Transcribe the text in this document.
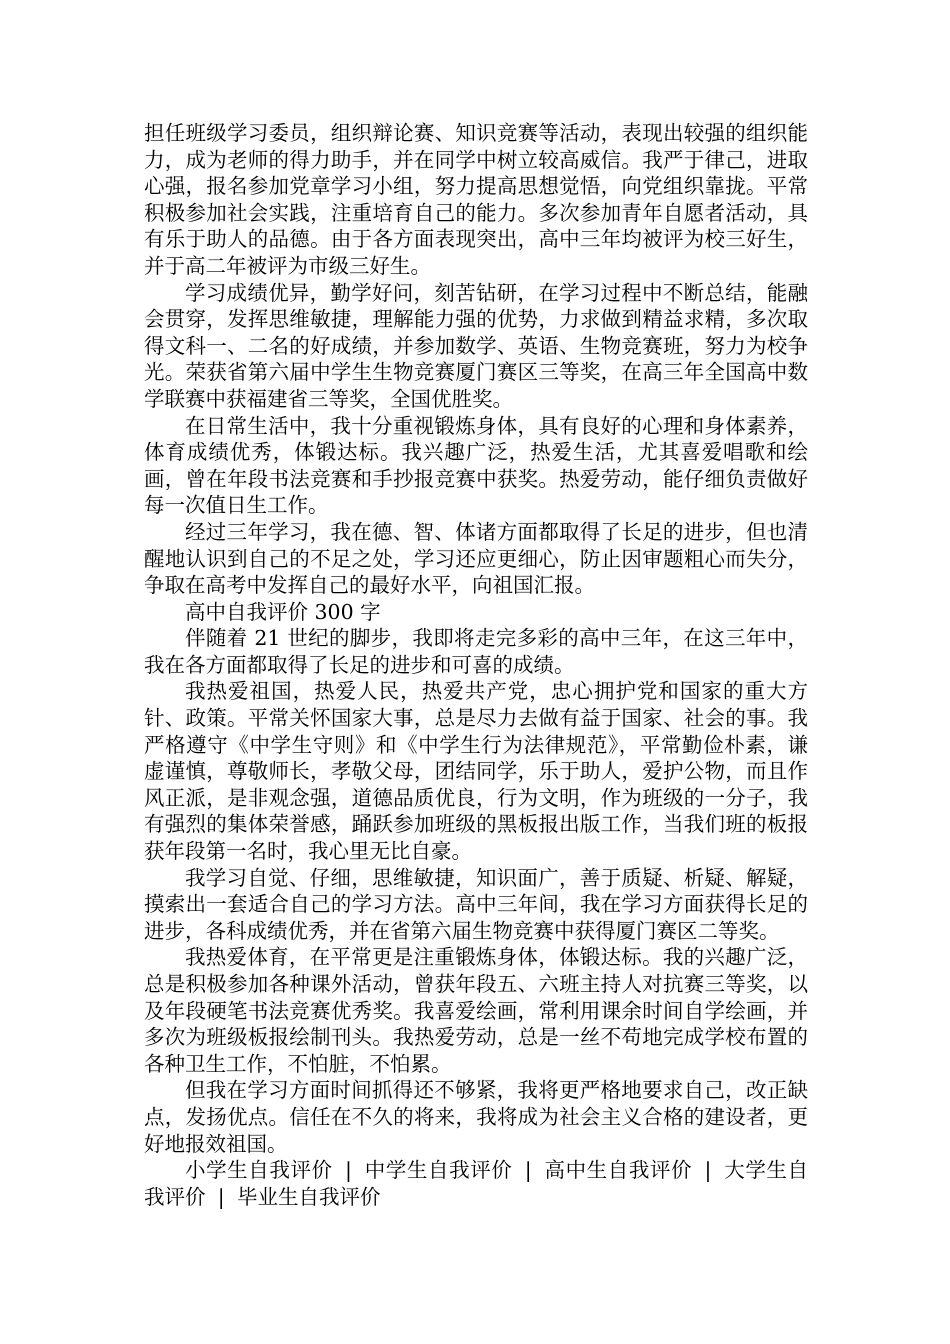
担任班级学习委员，组织辩论赛、知识竞赛等活动，表现出较强的组织能力，成为老师的得力助手，并在同学中树立较高威信。我严于律己，进取心强，报名参加党章学习小组，努力提高思想觉悟，向党组织靠拢。平常积极参加社会实践，注重培育自己的能力。多次参加青年自愿者活动，具有乐于助人的品德。由于各方面表现突出，高中三年均被评为校三好生，并于高二年被评为市级三好生。

学习成绩优异，勤学好问，刻苦钻研，在学习过程中不断总结，能融会贯穿，发挥思维敏捷，理解能力强的优势，力求做到精益求精，多次取得文科一、二名的好成绩，并参加数学、英语、生物竞赛班，努力为校争光。荣获省第六届中学生生物竞赛厦门赛区三等奖，在高三年全国高中数学联赛中获福建省三等奖，全国优胜奖。

在日常生活中，我十分重视锻炼身体，具有良好的心理和身体素养，体育成绩优秀，体锻达标。我兴趣广泛，热爱生活，尤其喜爱唱歌和绘画，曾在年段书法竞赛和手抄报竞赛中获奖。热爱劳动，能仔细负责做好每一次值日生工作。

经过三年学习，我在德、智、体诸方面都取得了长足的进步，但也清醒地认识到自己的不足之处，学习还应更细心，防止因审题粗心而失分，争取在高考中发挥自己的最好水平，向祖国汇报。

高中自我评价 300 字

伴随着 21 世纪的脚步，我即将走完多彩的高中三年，在这三年中，我在各方面都取得了长足的进步和可喜的成绩。

我热爱祖国，热爱人民，热爱共产党，忠心拥护党和国家的重大方针、政策。平常关怀国家大事，总是尽力去做有益于国家、社会的事。我严格遵守《中学生守则》和《中学生行为法律规范》，平常勤俭朴素，谦虚谨慎，尊敬师长，孝敬父母，团结同学，乐于助人，爱护公物，而且作风正派，是非观念强，道德品质优良，行为文明，作为班级的一分子，我有强烈的集体荣誉感，踊跃参加班级的黑板报出版工作，当我们班的板报获年段第一名时，我心里无比自豪。

我学习自觉、仔细，思维敏捷，知识面广，善于质疑、析疑、解疑，摸索出一套适合自己的学习方法。高中三年间，我在学习方面获得长足的进步，各科成绩优秀，并在省第六届生物竞赛中获得厦门赛区二等奖。

我热爱体育，在平常更是注重锻炼身体，体锻达标。我的兴趣广泛，总是积极参加各种课外活动，曾获年段五、六班主持人对抗赛三等奖，以及年段硬笔书法竞赛优秀奖。我喜爱绘画，常利用课余时间自学绘画，并多次为班级板报绘制刊头。我热爱劳动，总是一丝不苟地完成学校布置的各种卫生工作，不怕脏，不怕累。

但我在学习方面时间抓得还不够紧，我将更严格地要求自己，改正缺点，发扬优点。信任在不久的将来，我将成为社会主义合格的建设者，更好地报效祖国。

小学生自我评价 | 中学生自我评价 | 高中生自我评价 | 大学生自我评价 | 毕业生自我评价
